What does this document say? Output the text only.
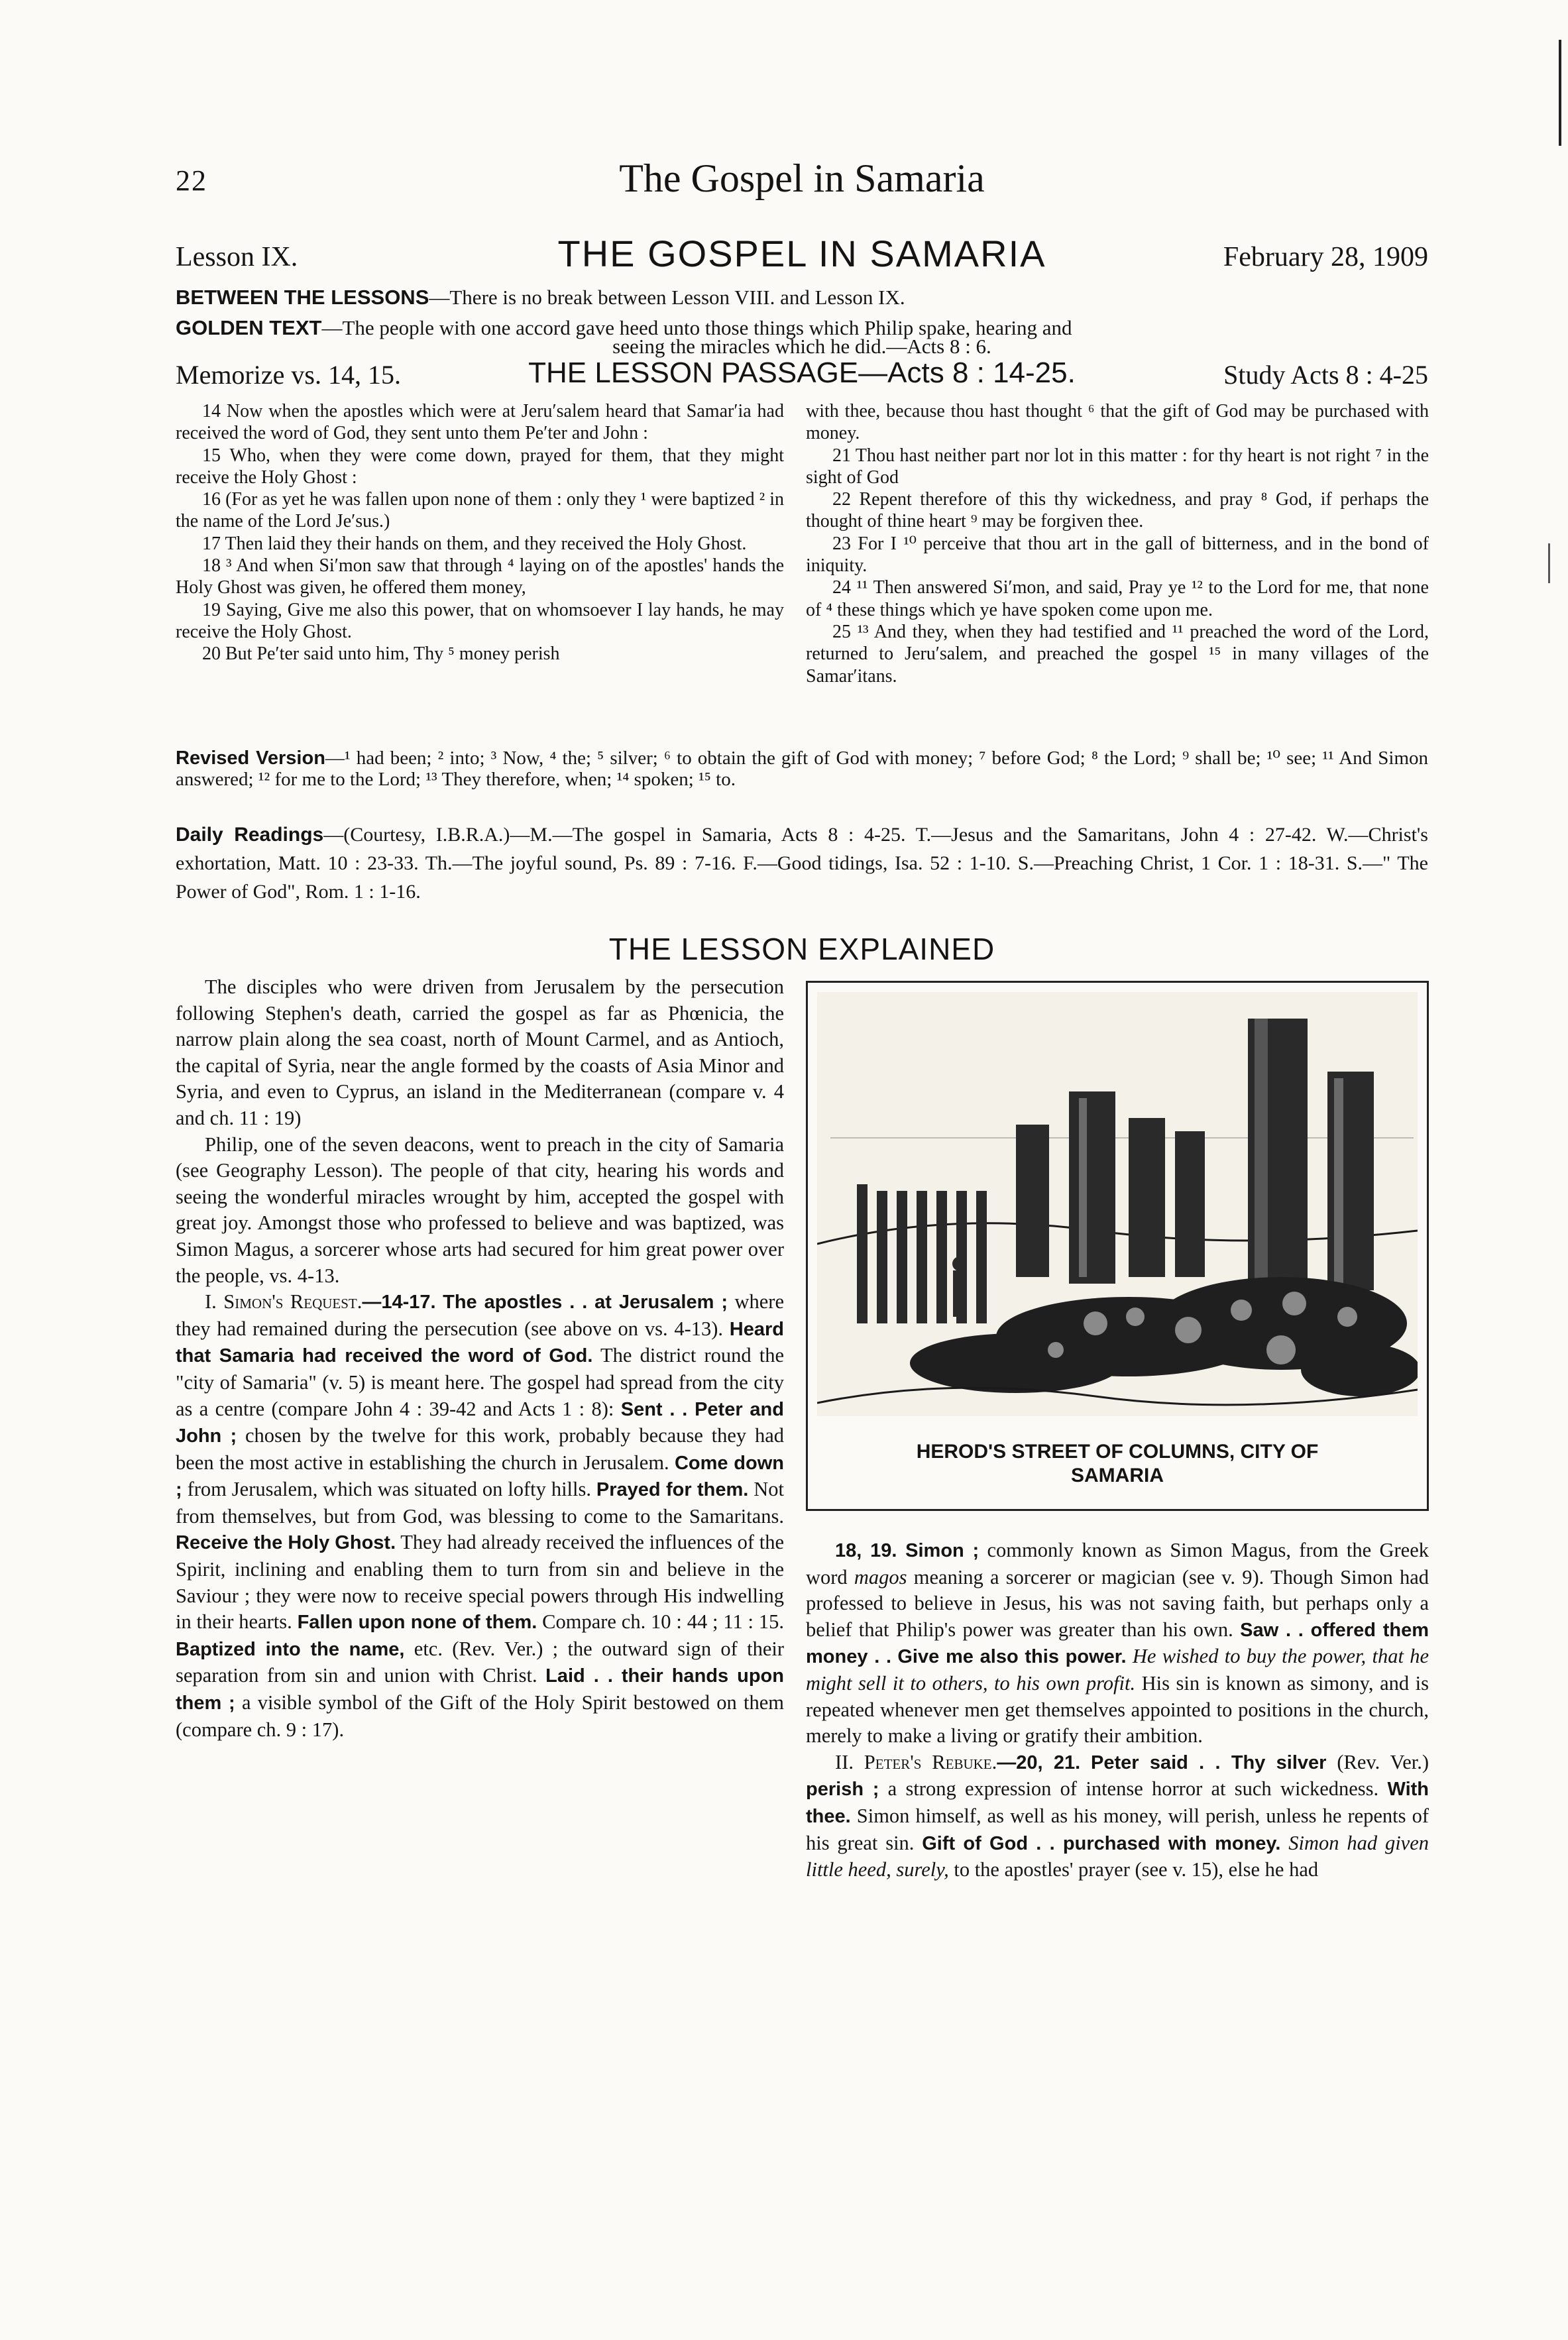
22	The Gospel in Samaria
Lesson IX.	THE GOSPEL IN SAMARIA	February 28, 1909
BETWEEN THE LESSONS—There is no break between Lesson VIII. and Lesson IX.
GOLDEN TEXT—The people with one accord gave heed unto those things which Philip spake, hearing and
seeing the miracles which he did.—Acts 8 : 6.
Memorize vs. 14, 15.	THE LESSON PASSAGE—Acts 8 : 14-25.	Study Acts 8 : 4-25

14 Now when the apostles which were at Jeru′salem heard that Samar′ia had received the word of God, they sent unto them Pe′ter and John :

15 Who, when they were come down, prayed for them, that they might receive the Holy Ghost :

16 (For as yet he was fallen upon none of them : only they ¹ were baptized ² in the name of the Lord Je′sus.)

17 Then laid they their hands on them, and they received the Holy Ghost.

18 ³ And when Si′mon saw that through ⁴ laying on of the apostles' hands the Holy Ghost was given, he offered them money,

19 Saying, Give me also this power, that on whomsoever I lay hands, he may receive the Holy Ghost.

20 But Pe′ter said unto him, Thy ⁵ money perish

with thee, because thou hast thought ⁶ that the gift of God may be purchased with money.

21 Thou hast neither part nor lot in this matter : for thy heart is not right ⁷ in the sight of God

22 Repent therefore of this thy wickedness, and pray ⁸ God, if perhaps the thought of thine heart ⁹ may be forgiven thee.

23 For I ¹⁰ perceive that thou art in the gall of bitterness, and in the bond of iniquity.

24 ¹¹ Then answered Si′mon, and said, Pray ye ¹² to the Lord for me, that none of ⁴ these things which ye have spoken come upon me.

25 ¹³ And they, when they had testified and ¹¹ preached the word of the Lord, returned to Jeru′salem, and preached the gospel ¹⁵ in many villages of the Samar′itans.

Revised Version—¹ had been; ² into; ³ Now, ⁴ the; ⁵ silver; ⁶ to obtain the gift of God with money; ⁷ before God; ⁸ the Lord; ⁹ shall be; ¹⁰ see; ¹¹ And Simon answered; ¹² for me to the Lord; ¹³ They therefore, when; ¹⁴ spoken; ¹⁵ to.
Daily Readings—(Courtesy, I.B.R.A.)—M.—The gospel in Samaria, Acts 8 : 4-25. T.—Jesus and the Samaritans, John 4 : 27-42. W.—Christ's exhortation, Matt. 10 : 23-33. Th.—The joyful sound, Ps. 89 : 7-16. F.—Good tidings, Isa. 52 : 1-10. S.—Preaching Christ, 1 Cor. 1 : 18-31. S.—" The Power of God", Rom. 1 : 1-16.
THE LESSON EXPLAINED

The disciples who were driven from Jerusalem by the persecution following Stephen's death, carried the gospel as far as Phœnicia, the narrow plain along the sea coast, north of Mount Carmel, and as Antioch, the capital of Syria, near the angle formed by the coasts of Asia Minor and Syria, and even to Cyprus, an island in the Mediterranean (compare v. 4 and ch. 11 : 19)

Philip, one of the seven deacons, went to preach in the city of Samaria (see Geography Lesson). The people of that city, hearing his words and seeing the wonderful miracles wrought by him, accepted the gospel with great joy. Amongst those who professed to believe and was baptized, was Simon Magus, a sorcerer whose arts had secured for him great power over the people, vs. 4-13.

I. Simon's Request.—14-17. The apostles . . at Jerusalem ; where they had remained during the persecution (see above on vs. 4-13). Heard that Samaria had received the word of God. The district round the "city of Samaria" (v. 5) is meant here. The gospel had spread from the city as a centre (compare John 4 : 39-42 and Acts 1 : 8): Sent . . Peter and John ; chosen by the twelve for this work, probably because they had been the most active in establishing the church in Jerusalem. Come down ; from Jerusalem, which was situated on lofty hills. Prayed for them. Not from themselves, but from God, was blessing to come to the Samaritans. Receive the Holy Ghost. They had already received the influences of the Spirit, inclining and enabling them to turn from sin and believe in the Saviour ; they were now to receive special powers through His indwelling in their hearts. Fallen upon none of them. Compare ch. 10 : 44 ; 11 : 15. Baptized into the name, etc. (Rev. Ver.) ; the outward sign of their separation from sin and union with Christ. Laid . . their hands upon them ; a visible symbol of the Gift of the Holy Spirit bestowed on them (compare ch. 9 : 17).

HEROD'S STREET OF COLUMNS, CITY OF
SAMARIA

18, 19. Simon ; commonly known as Simon Magus, from the Greek word magos meaning a sorcerer or magician (see v. 9). Though Simon had professed to believe in Jesus, his was not saving faith, but perhaps only a belief that Philip's power was greater than his own. Saw . . offered them money . . Give me also this power. He wished to buy the power, that he might sell it to others, to his own profit. His sin is known as simony, and is repeated whenever men get themselves appointed to positions in the church, merely to make a living or gratify their ambition.

II. Peter's Rebuke.—20, 21. Peter said . . Thy silver (Rev. Ver.) perish ; a strong expression of intense horror at such wickedness. With thee. Simon himself, as well as his money, will perish, unless he repents of his great sin. Gift of God . . purchased with money. Simon had given little heed, surely, to the apostles' prayer (see v. 15), else he had
